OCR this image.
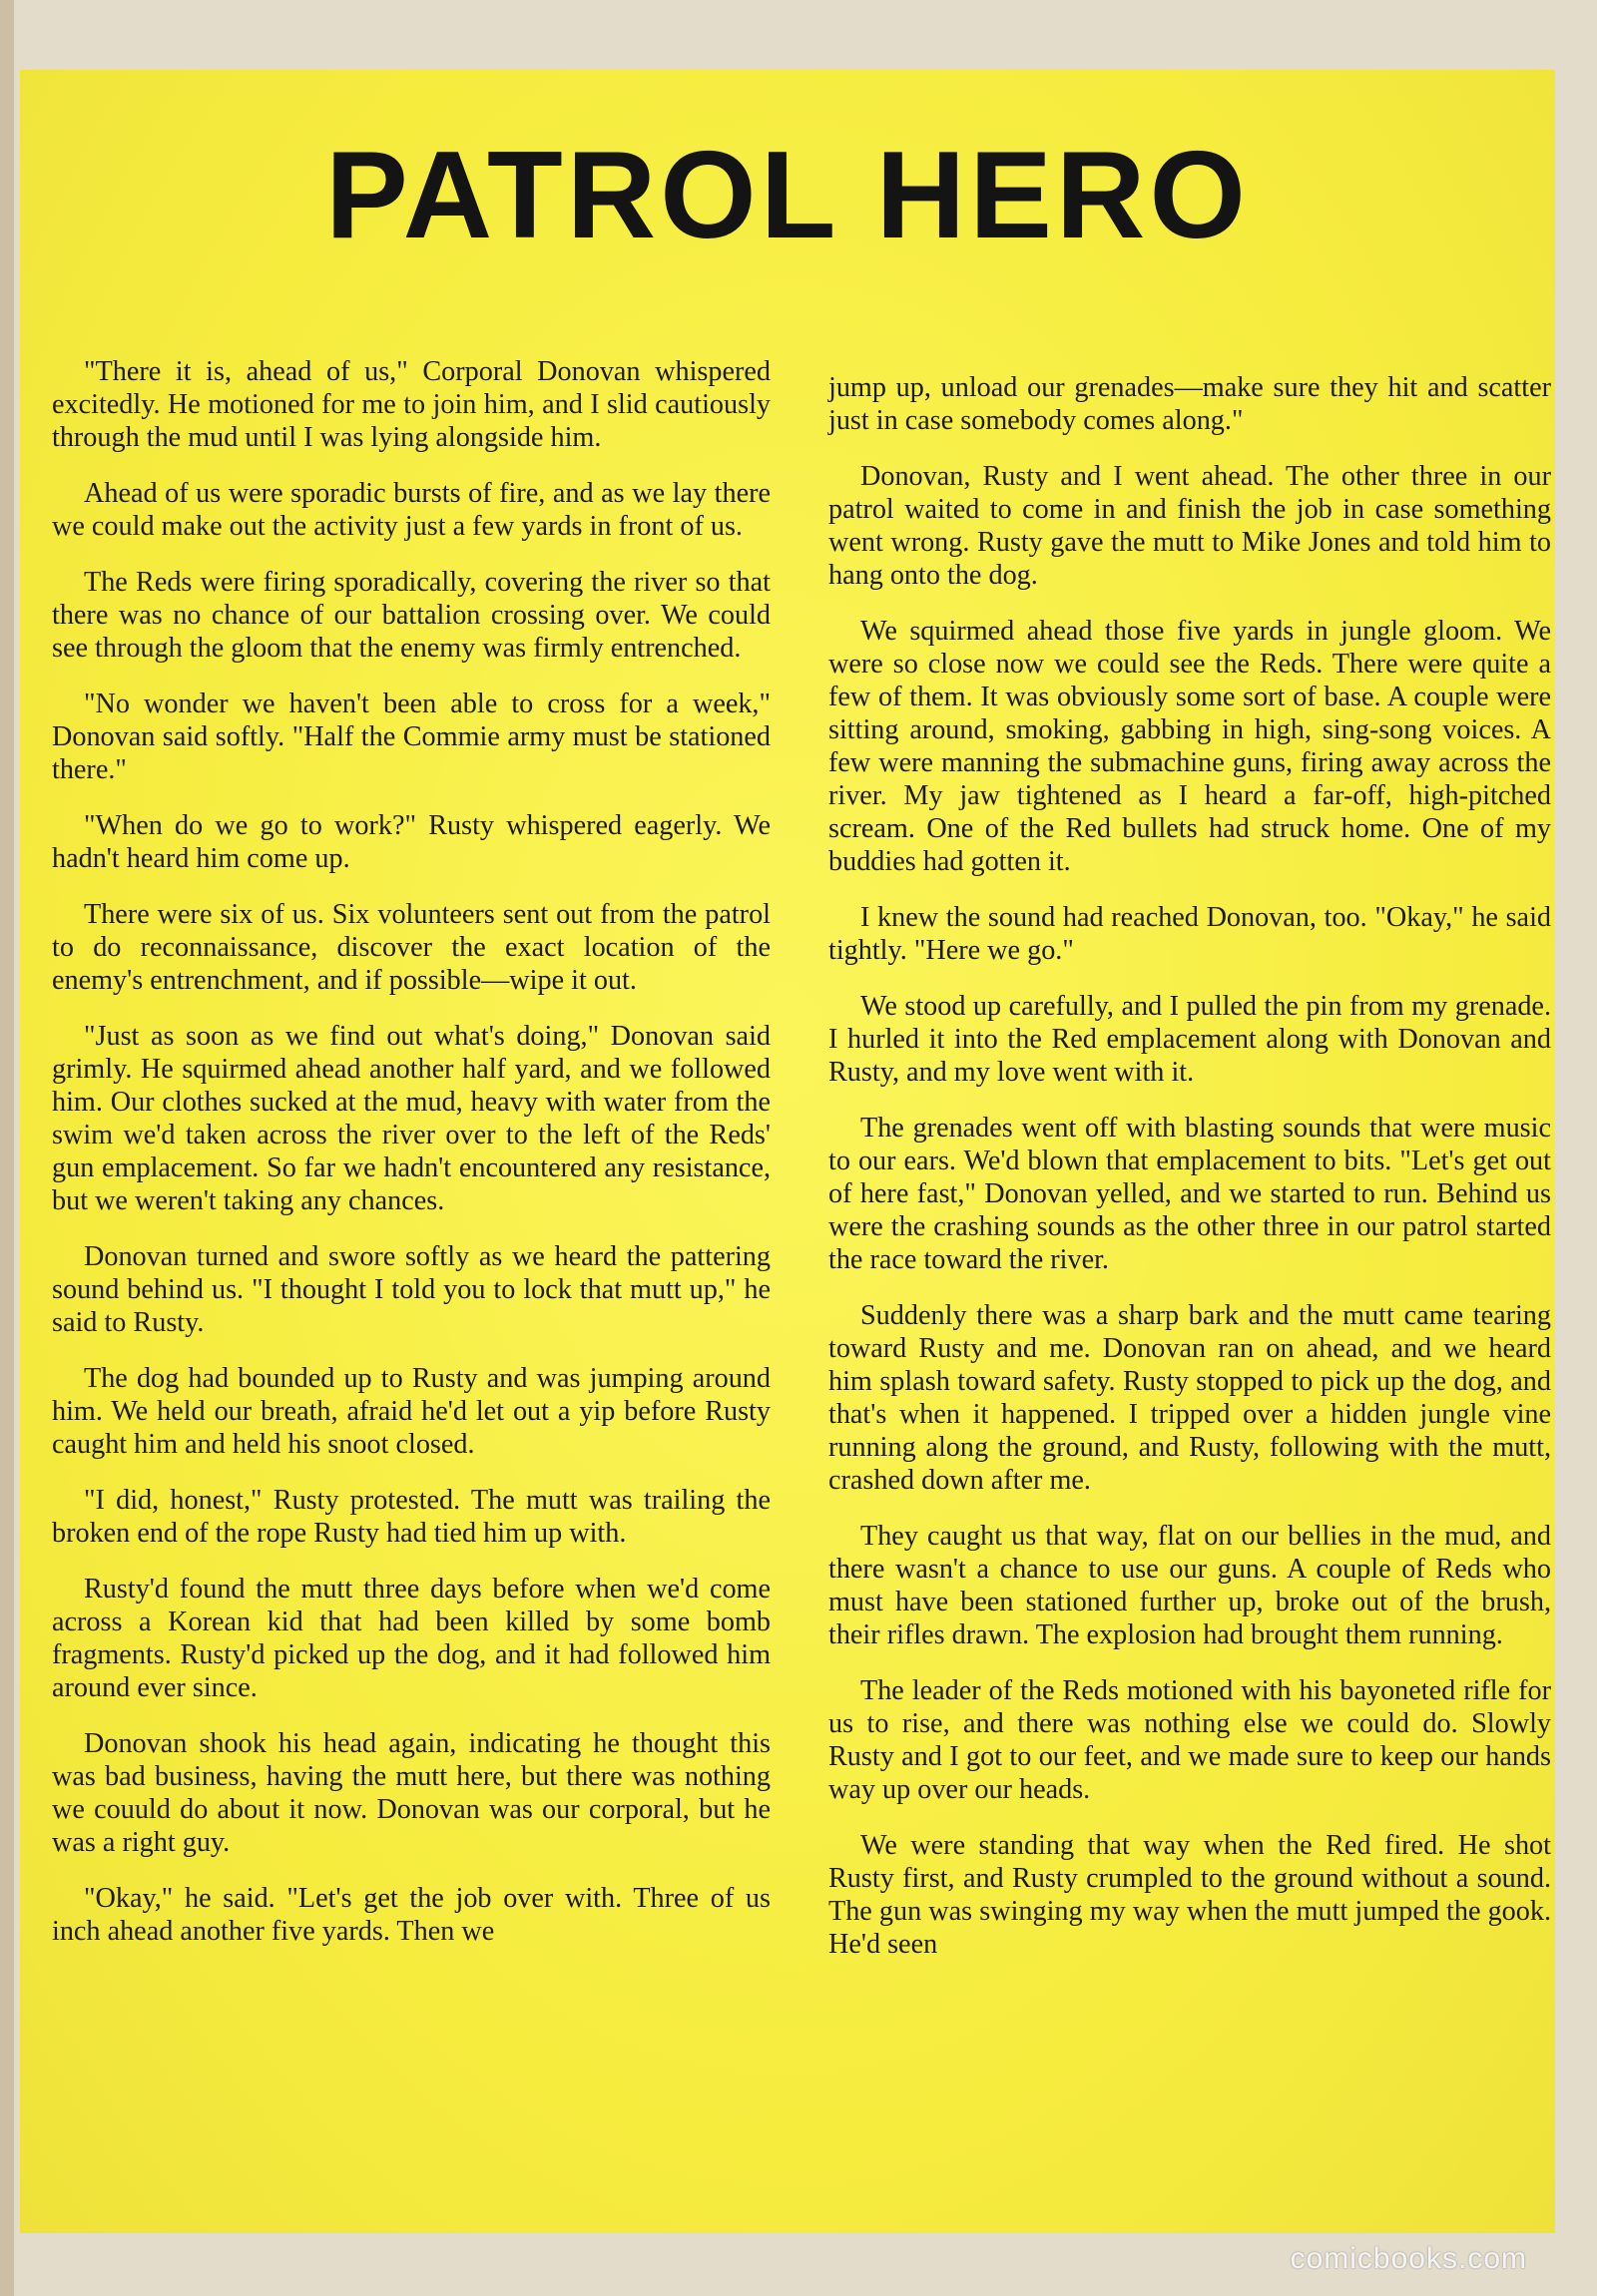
PATROL HERO

"There it is, ahead of us," Corporal Donovan whispered excitedly. He motioned for me to join him, and I slid cautiously through the mud until I was lying alongside him.

Ahead of us were sporadic bursts of fire, and as we lay there we could make out the activity just a few yards in front of us.

The Reds were firing sporadically, covering the river so that there was no chance of our battalion crossing over. We could see through the gloom that the enemy was firmly entrenched.

"No wonder we haven't been able to cross for a week," Donovan said softly. "Half the Commie army must be stationed there."

"When do we go to work?" Rusty whispered eagerly. We hadn't heard him come up.

There were six of us. Six volunteers sent out from the patrol to do reconnaissance, discover the exact location of the enemy's entrenchment, and if possible—wipe it out.

"Just as soon as we find out what's doing," Donovan said grimly. He squirmed ahead another half yard, and we followed him. Our clothes sucked at the mud, heavy with water from the swim we'd taken across the river over to the left of the Reds' gun emplacement. So far we hadn't encountered any resistance, but we weren't taking any chances.

Donovan turned and swore softly as we heard the pattering sound behind us. "I thought I told you to lock that mutt up," he said to Rusty.

The dog had bounded up to Rusty and was jumping around him. We held our breath, afraid he'd let out a yip before Rusty caught him and held his snoot closed.

"I did, honest," Rusty protested. The mutt was trailing the broken end of the rope Rusty had tied him up with.

Rusty'd found the mutt three days before when we'd come across a Korean kid that had been killed by some bomb fragments. Rusty'd picked up the dog, and it had followed him around ever since.

Donovan shook his head again, indicating he thought this was bad business, having the mutt here, but there was nothing we couuld do about it now. Donovan was our corporal, but he was a right guy.

"Okay," he said. "Let's get the job over with. Three of us inch ahead another five yards. Then we

jump up, unload our grenades—make sure they hit and scatter just in case somebody comes along."

Donovan, Rusty and I went ahead. The other three in our patrol waited to come in and finish the job in case something went wrong. Rusty gave the mutt to Mike Jones and told him to hang onto the dog.

We squirmed ahead those five yards in jungle gloom. We were so close now we could see the Reds. There were quite a few of them. It was obviously some sort of base. A couple were sitting around, smoking, gabbing in high, sing-song voices. A few were manning the submachine guns, firing away across the river. My jaw tightened as I heard a far-off, high-pitched scream. One of the Red bullets had struck home. One of my buddies had gotten it.

I knew the sound had reached Donovan, too. "Okay," he said tightly. "Here we go."

We stood up carefully, and I pulled the pin from my grenade. I hurled it into the Red emplacement along with Donovan and Rusty, and my love went with it.

The grenades went off with blasting sounds that were music to our ears. We'd blown that emplacement to bits. "Let's get out of here fast," Donovan yelled, and we started to run. Behind us were the crashing sounds as the other three in our patrol started the race toward the river.

Suddenly there was a sharp bark and the mutt came tearing toward Rusty and me. Donovan ran on ahead, and we heard him splash toward safety. Rusty stopped to pick up the dog, and that's when it happened. I tripped over a hidden jungle vine running along the ground, and Rusty, following with the mutt, crashed down after me.

They caught us that way, flat on our bellies in the mud, and there wasn't a chance to use our guns. A couple of Reds who must have been stationed further up, broke out of the brush, their rifles drawn. The explosion had brought them running.

The leader of the Reds motioned with his bayoneted rifle for us to rise, and there was nothing else we could do. Slowly Rusty and I got to our feet, and we made sure to keep our hands way up over our heads.

We were standing that way when the Red fired. He shot Rusty first, and Rusty crumpled to the ground without a sound. The gun was swinging my way when the mutt jumped the gook. He'd seen

comicbooks.com
